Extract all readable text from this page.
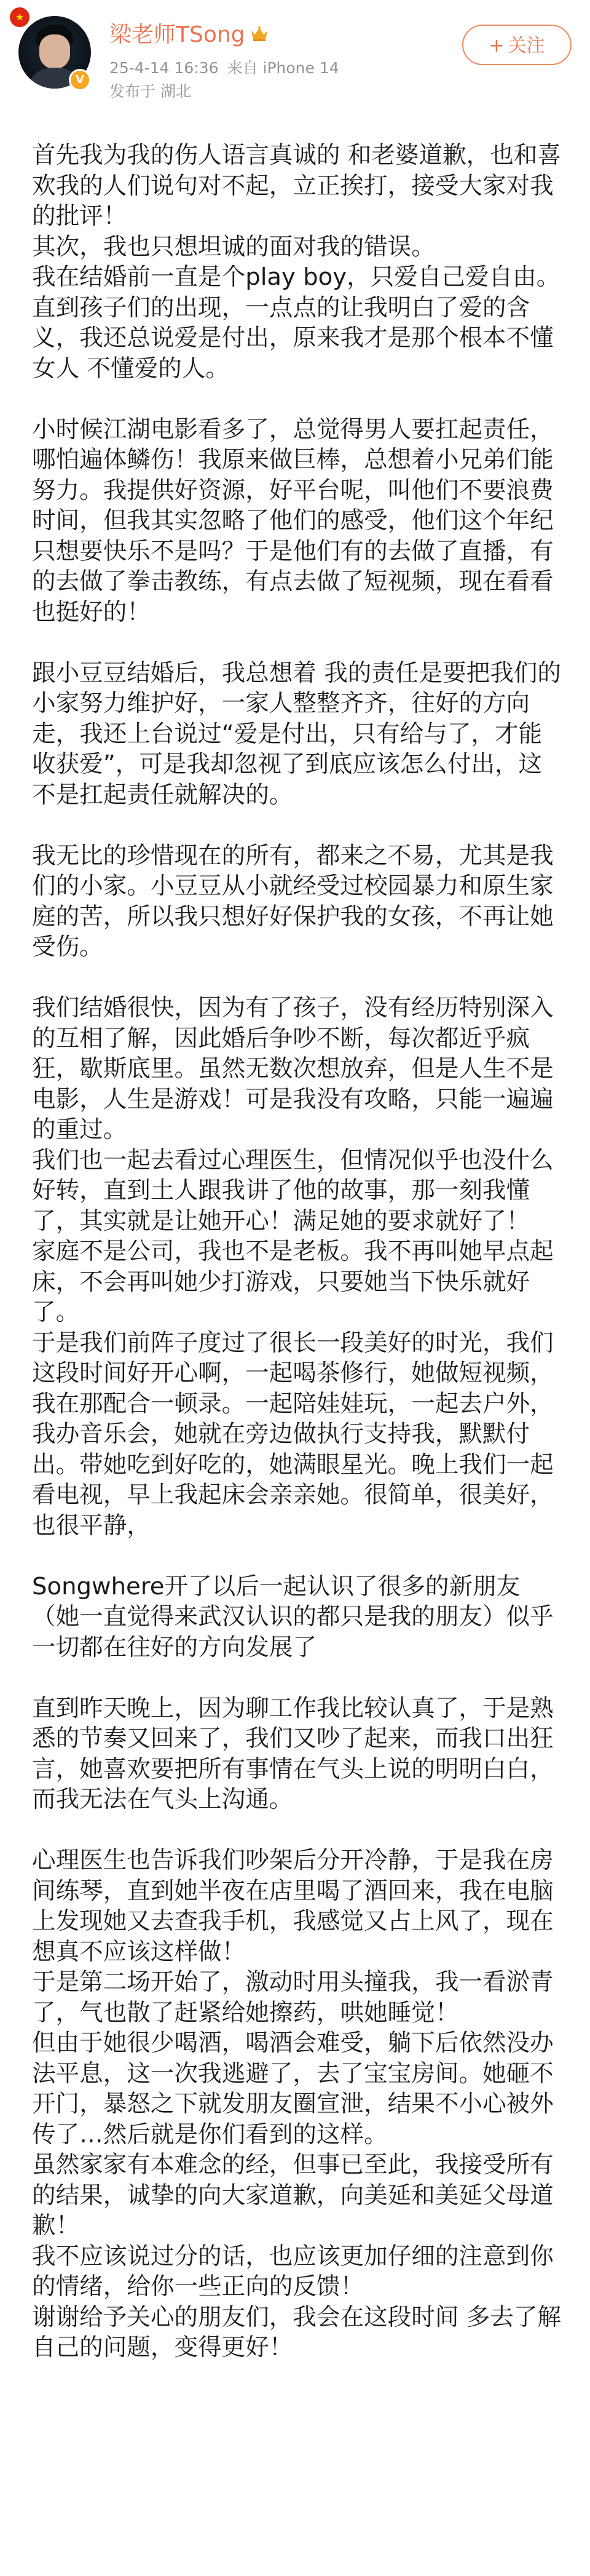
★
V
梁老师TSong
25-4-14 16:36 来自 iPhone 14
发布于 湖北
+ 关注

首先我为我的伤人语言真诚的 和老婆道歉，也和喜欢我的人们说句对不起，立正挨打，接受大家对我的批评！
其次，我也只想坦诚的面对我的错误。
我在结婚前一直是个play boy，只爱自己爱自由。直到孩子们的出现，一点点的让我明白了爱的含义，我还总说爱是付出，原来我才是那个根本不懂女人 不懂爱的人。

小时候江湖电影看多了，总觉得男人要扛起责任，哪怕遍体鳞伤！我原来做巨棒，总想着小兄弟们能努力。我提供好资源，好平台呢，叫他们不要浪费时间，但我其实忽略了他们的感受，他们这个年纪只想要快乐不是吗？于是他们有的去做了直播，有的去做了拳击教练，有点去做了短视频，现在看看也挺好的！

跟小豆豆结婚后，我总想着 我的责任是要把我们的小家努力维护好，一家人整整齐齐，往好的方向走，我还上台说过“爱是付出，只有给与了，才能收获爱”，可是我却忽视了到底应该怎么付出，这不是扛起责任就解决的。

我无比的珍惜现在的所有，都来之不易，尤其是我们的小家。小豆豆从小就经受过校园暴力和原生家庭的苦，所以我只想好好保护我的女孩，不再让她受伤。

我们结婚很快，因为有了孩子，没有经历特别深入的互相了解，因此婚后争吵不断，每次都近乎疯狂，歇斯底里。虽然无数次想放弃，但是人生不是电影，人生是游戏！可是我没有攻略，只能一遍遍的重过。
我们也一起去看过心理医生，但情况似乎也没什么好转，直到土人跟我讲了他的故事，那一刻我懂了，其实就是让她开心！满足她的要求就好了！
家庭不是公司，我也不是老板。我不再叫她早点起床，不会再叫她少打游戏，只要她当下快乐就好了。
于是我们前阵子度过了很长一段美好的时光，我们这段时间好开心啊，一起喝茶修行，她做短视频，我在那配合一顿录。一起陪娃娃玩，一起去户外，我办音乐会，她就在旁边做执行支持我，默默付出。带她吃到好吃的，她满眼星光。晚上我们一起看电视，早上我起床会亲亲她。很简单，很美好，也很平静，

Songwhere开了以后一起认识了很多的新朋友（她一直觉得来武汉认识的都只是我的朋友）似乎一切都在往好的方向发展了

直到昨天晚上，因为聊工作我比较认真了，于是熟悉的节奏又回来了，我们又吵了起来，而我口出狂言，她喜欢要把所有事情在气头上说的明明白白，而我无法在气头上沟通。

心理医生也告诉我们吵架后分开冷静，于是我在房间练琴，直到她半夜在店里喝了酒回来，我在电脑上发现她又去查我手机，我感觉又占上风了，现在想真不应该这样做！
于是第二场开始了，激动时用头撞我，我一看淤青了，气也散了赶紧给她擦药，哄她睡觉！
但由于她很少喝酒，喝酒会难受，躺下后依然没办法平息，这一次我逃避了，去了宝宝房间。她砸不开门，暴怒之下就发朋友圈宣泄，结果不小心被外传了…然后就是你们看到的这样。
虽然家家有本难念的经，但事已至此，我接受所有的结果，诚挚的向大家道歉，向美延和美延父母道歉！
我不应该说过分的话，也应该更加仔细的注意到你的情绪，给你一些正向的反馈！
谢谢给予关心的朋友们，我会在这段时间 多去了解自己的问题，变得更好！
